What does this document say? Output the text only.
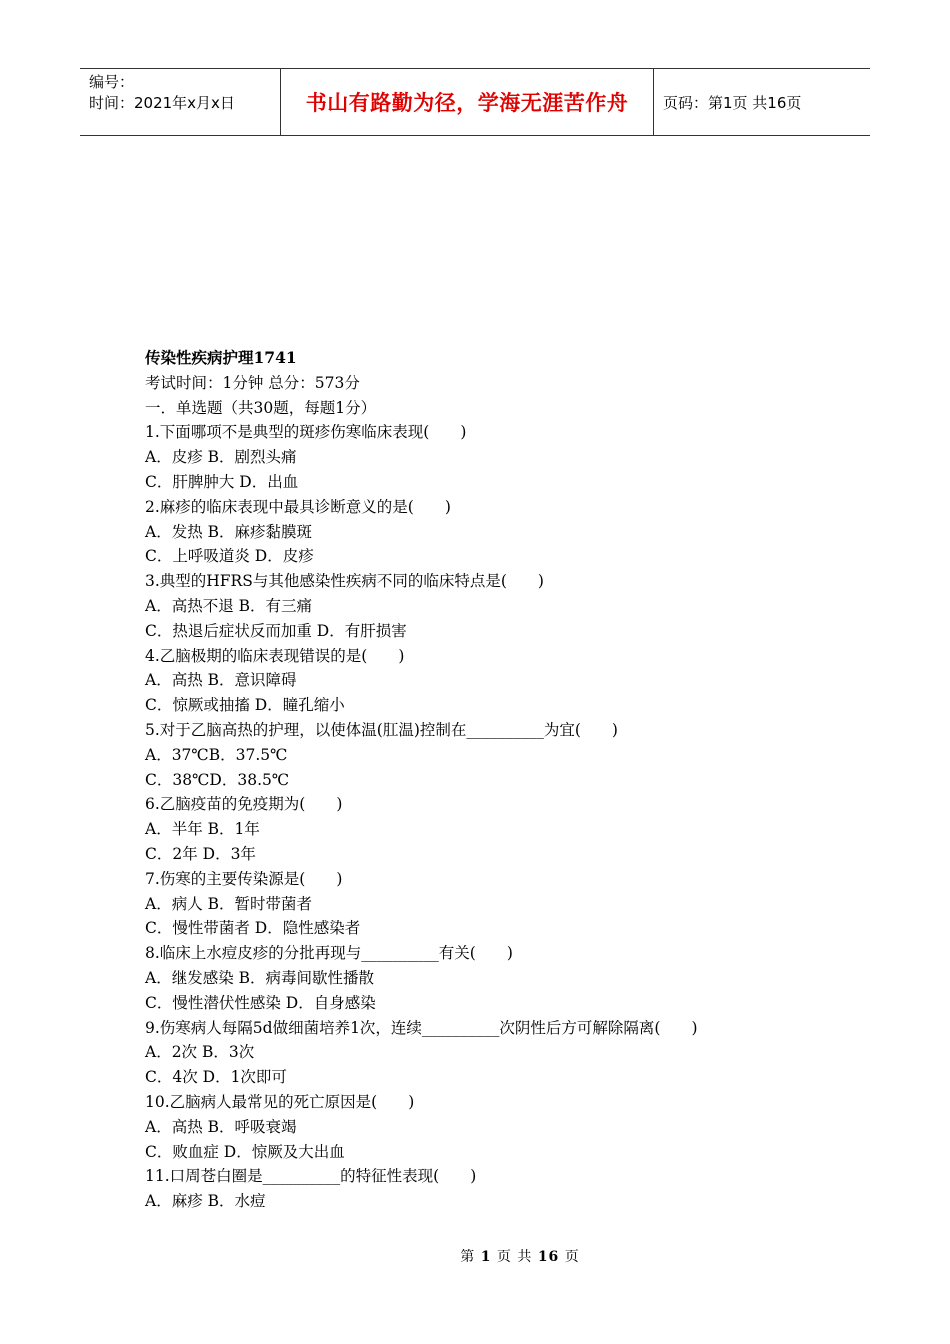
编号：
时间：2021年x月x日	书山有路勤为径，学海无涯苦作舟	页码：第1页 共16页
传染性疾病护理1741
考试时间：1分钟 总分：573分
一．单选题（共30题，每题1分）
1.下面哪项不是典型的斑疹伤寒临床表现(　　)
A．皮疹 B．剧烈头痛
C．肝脾肿大 D．出血
2.麻疹的临床表现中最具诊断意义的是(　　)
A．发热 B．麻疹黏膜斑
C．上呼吸道炎 D．皮疹
3.典型的HFRS与其他感染性疾病不同的临床特点是(　　)
A．高热不退 B．有三痛
C．热退后症状反而加重 D．有肝损害
4.乙脑极期的临床表现错误的是(　　)
A．高热 B．意识障碍
C．惊厥或抽搐 D．瞳孔缩小
5.对于乙脑高热的护理，以使体温(肛温)控制在__________为宜(　　)
A．37℃B．37.5℃
C．38℃D．38.5℃
6.乙脑疫苗的免疫期为(　　)
A．半年 B．1年
C．2年 D．3年
7.伤寒的主要传染源是(　　)
A．病人 B．暂时带菌者
C．慢性带菌者 D．隐性感染者
8.临床上水痘皮疹的分批再现与__________有关(　　)
A．继发感染 B．病毒间歇性播散
C．慢性潜伏性感染 D．自身感染
9.伤寒病人每隔5d做细菌培养1次，连续__________次阴性后方可解除隔离(　　)
A．2次 B．3次
C．4次 D．1次即可
10.乙脑病人最常见的死亡原因是(　　)
A．高热 B．呼吸衰竭
C．败血症 D．惊厥及大出血
11.口周苍白圈是__________的特征性表现(　　)
A．麻疹 B．水痘
第 1 页 共 16 页
